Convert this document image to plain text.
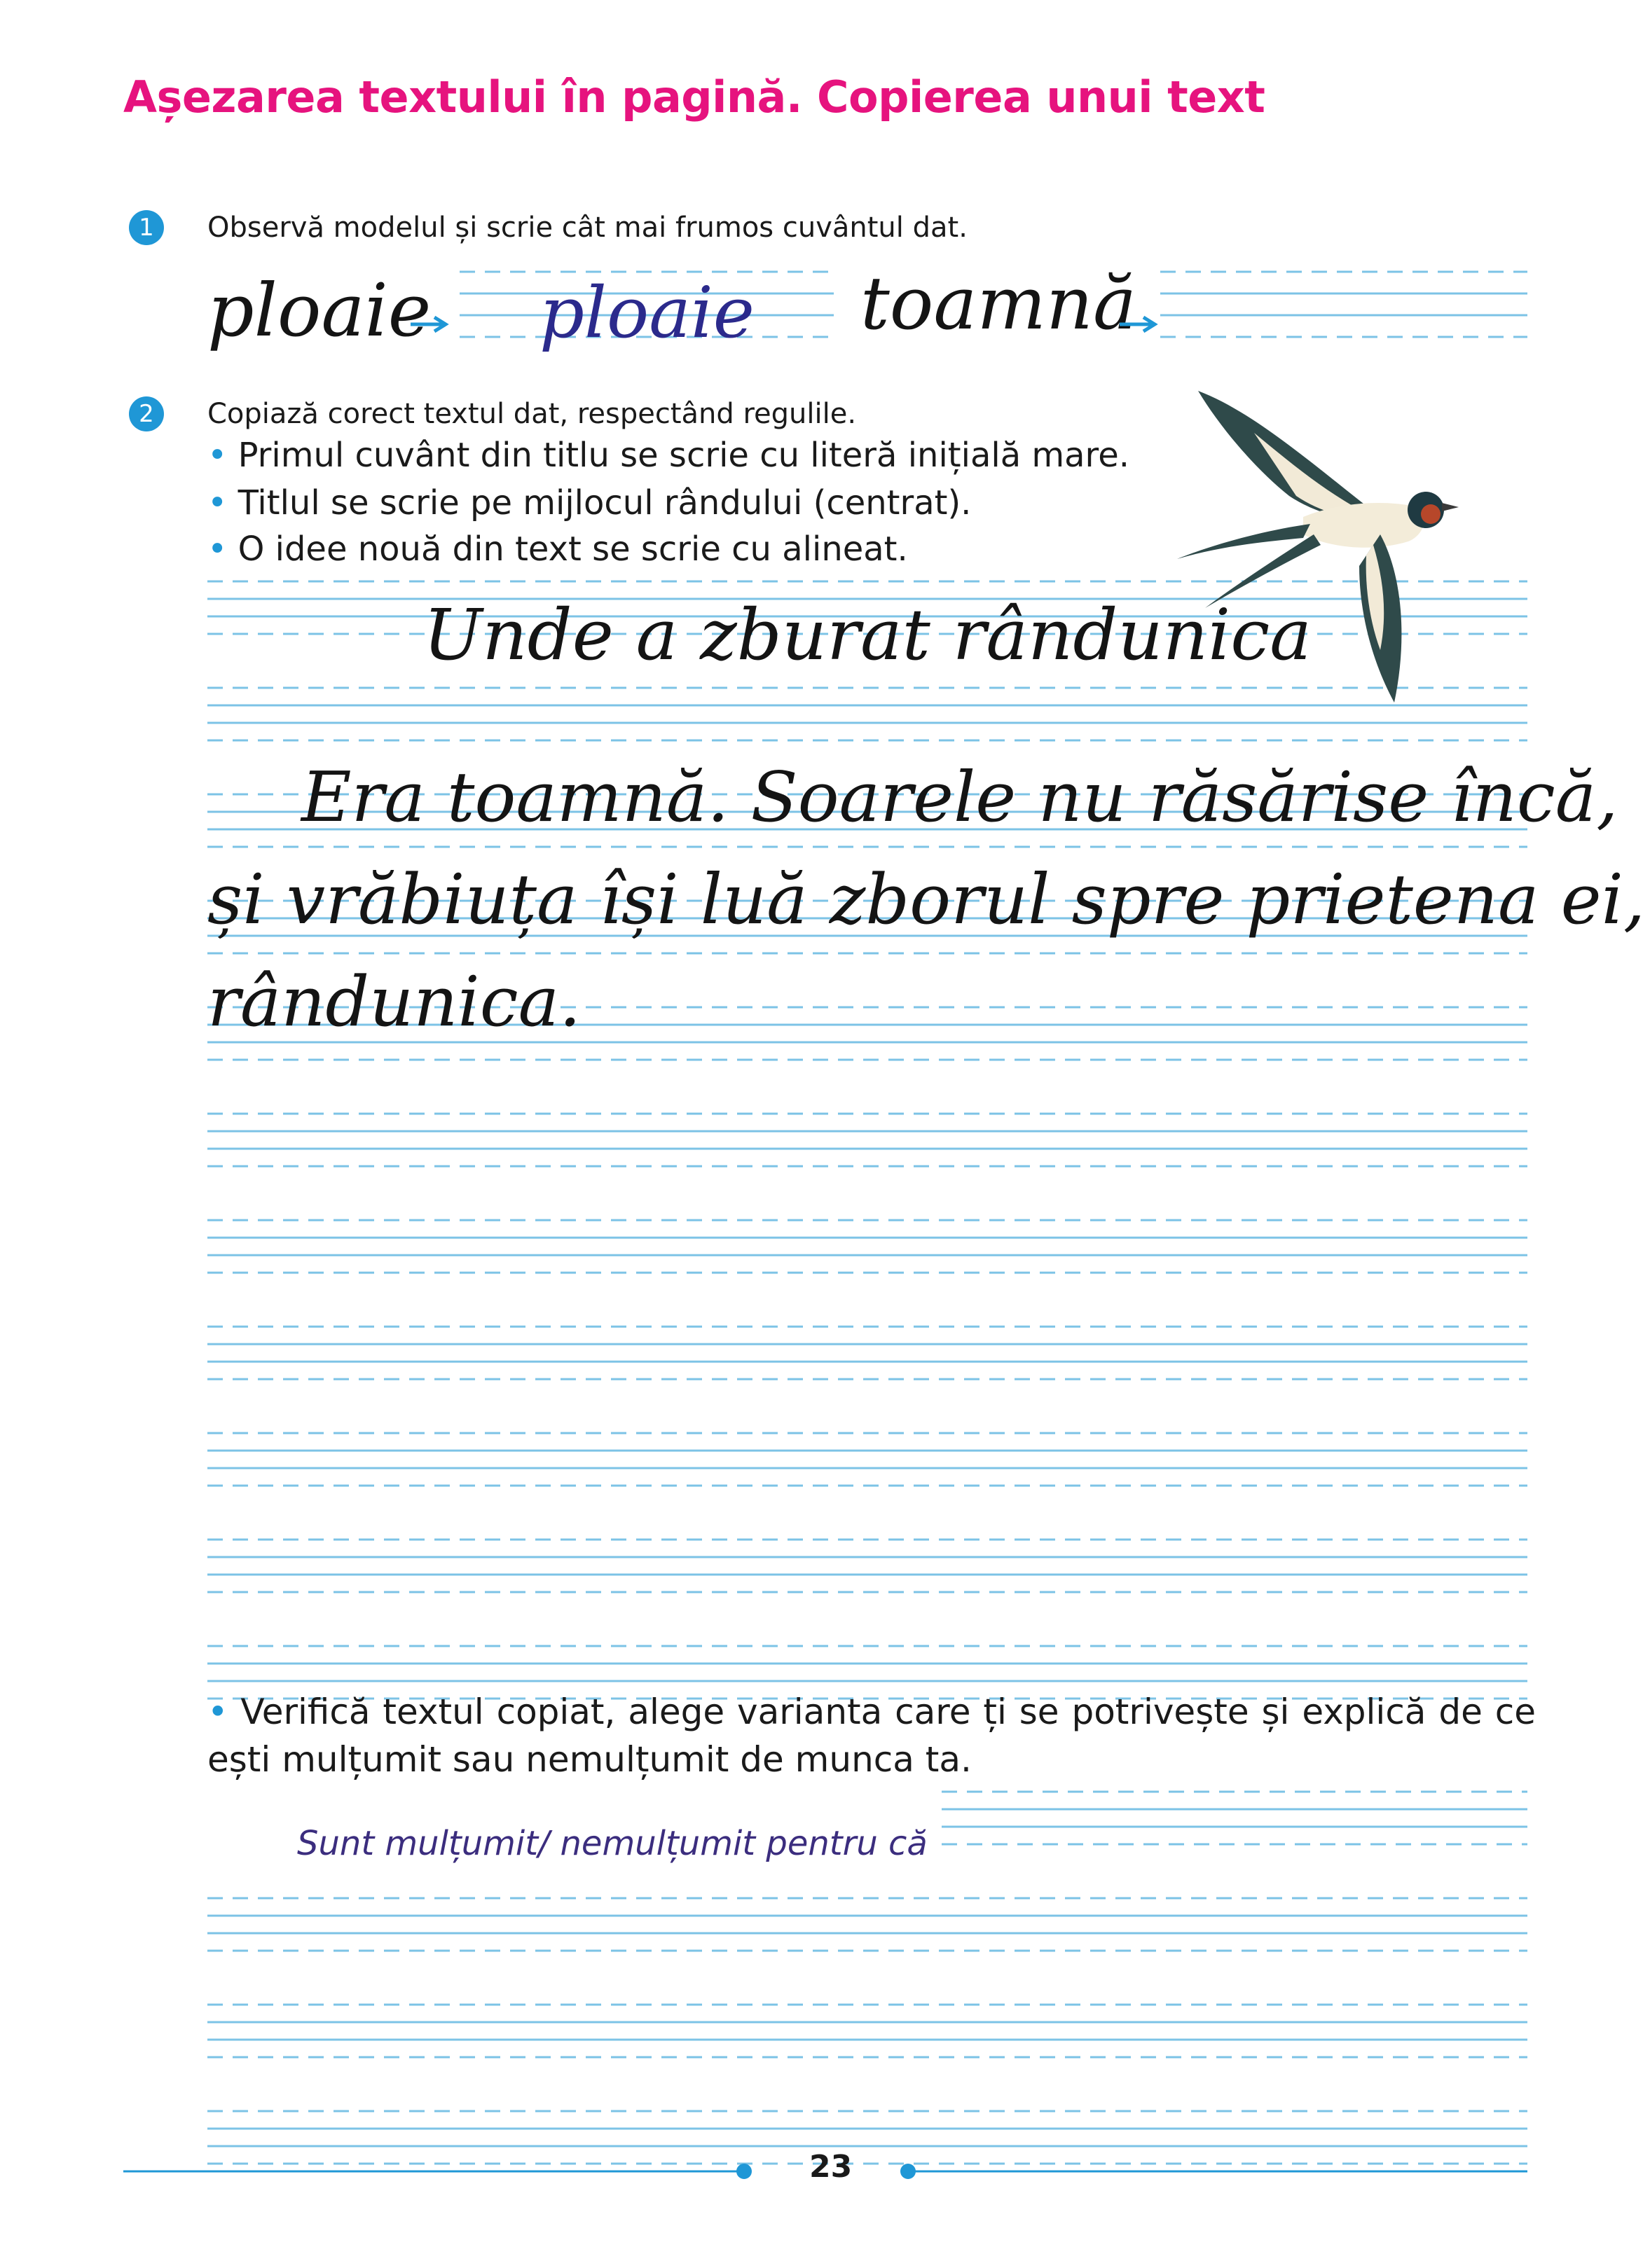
Așezarea textului în pagină. Copierea unui text
1	Observă modelul și scrie cât mai frumos cuvântul dat.
ploaie ploaie toamnă
2	Copiază corect textul dat, respectând regulile.
• Primul cuvânt din titlu se scrie cu literă inițială mare.
• Titlul se scrie pe mijlocul rândului (centrat).
• O idee nouă din text se scrie cu alineat.
Unde a zburat rândunica
Era toamnă. Soarele nu răsărise încă,
și vrăbiuța își luă zborul spre prietena ei,
rândunica.
• Verifică textul copiat, alege varianta care ți se potrivește și explică de ce ești mulțumit sau nemulțumit de munca ta.
Sunt mulțumit/ nemulțumit pentru că
23
